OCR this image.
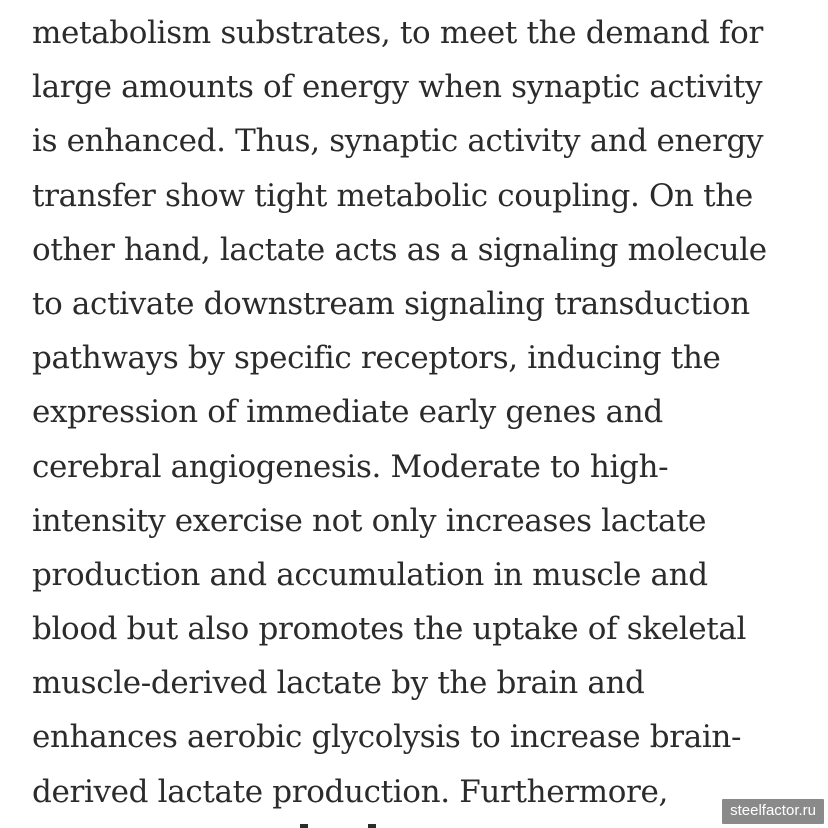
metabolism substrates, to meet the demand for
large amounts of energy when synaptic activity
is enhanced. Thus, synaptic activity and energy
transfer show tight metabolic coupling. On the
other hand, lactate acts as a signaling molecule
to activate downstream signaling transduction
pathways by specific receptors, inducing the
expression of immediate early genes and
cerebral angiogenesis. Moderate to high-
intensity exercise not only increases lactate
production and accumulation in muscle and
blood but also promotes the uptake of skeletal
muscle-derived lactate by the brain and
enhances aerobic glycolysis to increase brain-
derived lactate production. Furthermore,
steelfactor.ru
